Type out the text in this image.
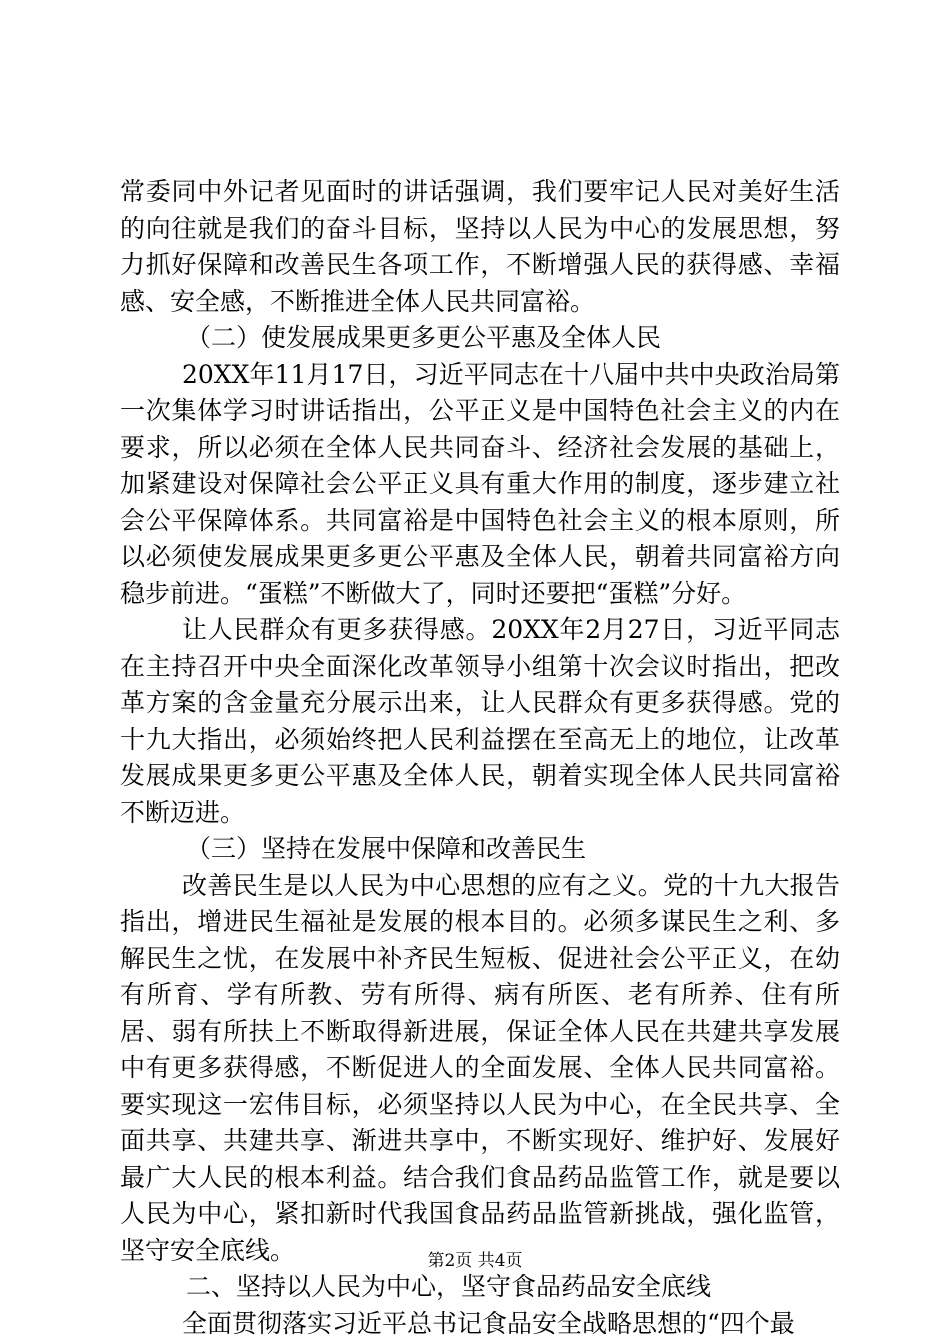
常委同中外记者见面时的讲话强调，我们要牢记人民对美好生活的向往就是我们的奋斗目标，坚持以人民为中心的发展思想，努力抓好保障和改善民生各项工作，不断增强人民的获得感、幸福感、安全感，不断推进全体人民共同富裕。

（二）使发展成果更多更公平惠及全体人民

20XX年11月17日，习近平同志在十八届中共中央政治局第一次集体学习时讲话指出，公平正义是中国特色社会主义的内在要求，所以必须在全体人民共同奋斗、经济社会发展的基础上，加紧建设对保障社会公平正义具有重大作用的制度，逐步建立社会公平保障体系。共同富裕是中国特色社会主义的根本原则，所以必须使发展成果更多更公平惠及全体人民，朝着共同富裕方向稳步前进。“蛋糕”不断做大了，同时还要把“蛋糕”分好。

让人民群众有更多获得感。20XX年2月27日，习近平同志在主持召开中央全面深化改革领导小组第十次会议时指出，把改革方案的含金量充分展示出来，让人民群众有更多获得感。党的十九大指出，必须始终把人民利益摆在至高无上的地位，让改革发展成果更多更公平惠及全体人民，朝着实现全体人民共同富裕不断迈进。

（三）坚持在发展中保障和改善民生

改善民生是以人民为中心思想的应有之义。党的十九大报告指出，增进民生福祉是发展的根本目的。必须多谋民生之利、多解民生之忧，在发展中补齐民生短板、促进社会公平正义，在幼有所育、学有所教、劳有所得、病有所医、老有所养、住有所居、弱有所扶上不断取得新进展，保证全体人民在共建共享发展中有更多获得感，不断促进人的全面发展、全体人民共同富裕。要实现这一宏伟目标，必须坚持以人民为中心，在全民共享、全面共享、共建共享、渐进共享中，不断实现好、维护好、发展好最广大人民的根本利益。结合我们食品药品监管工作，就是要以人民为中心，紧扣新时代我国食品药品监管新挑战，强化监管，坚守安全底线。

二、坚持以人民为中心，坚守食品药品安全底线

全面贯彻落实习近平总书记食品安全战略思想的“四个最

第2页 共4页
